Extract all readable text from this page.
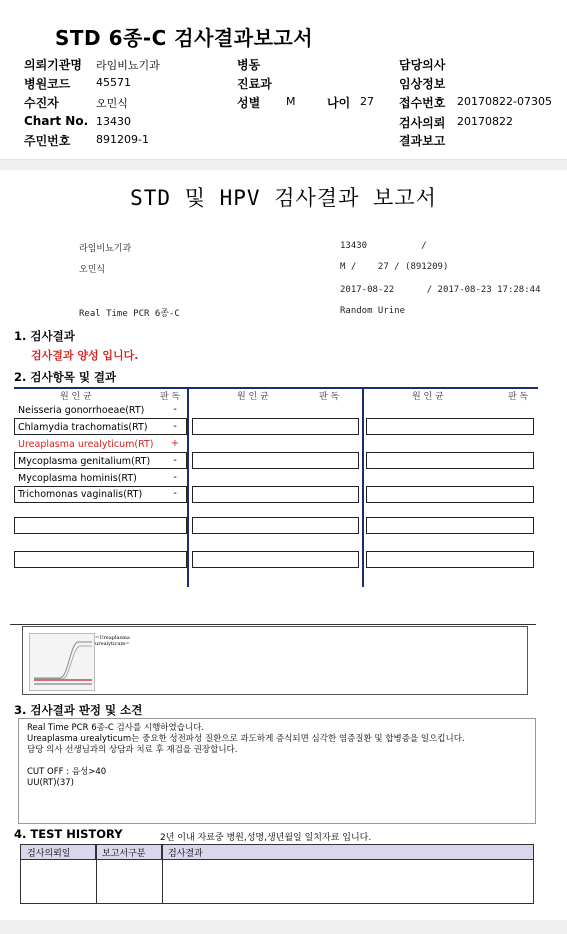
STD 6종-C 검사결과보고서
의뢰기관명 라임비뇨기과
병원코드 45571
수진자	오민식
Chart No. 13430
주민번호 891209-1
병동
진료과
성별 M	나이 27
담당의사
임상정보
접수번호 20170822-07305
검사의뢰 20170822
결과보고
STD 및 HPV 검사결과 보고서
라임비뇨기과	13430          /
오민식	M /    27 / (891209)
2017-08-22      / 2017-08-23 17:28:44
Real Time PCR 6종-C	Random Urine
1. 검사결과
검사결과 양성 입니다.
2. 검사항목 및 결과
원 인 균	판 독	원 인 균	판 독	원 인 균	판 독
Neisseria gonorrhoeae(RT)	-
Chlamydia trachomatis(RT)	-
Ureaplasma urealyticum(RT) +
Mycoplasma genitalium(RT)	-
Mycoplasma hominis(RT)	-
Trichomonas vaginalis(RT)	-
=Ureaplasma urealyticum=
3. 검사결과 판정 및 소견
Real Time PCR 6종-C 검사를 시행하였습니다.
Ureaplasma urealyticum는 중요한 성전파성 질환으로 과도하게 증식되면 심각한 염증질환 및 합병증을 일으킵니다.
담당 의사 선생님과의 상담과 치료 후 재검을 권장합니다.
CUT OFF : 음성>40
UU(RT)(37)
4. TEST HISTORY	2년 이내 자료중 병원,성명,생년월일 일치자료 입니다.
검사의뢰일	보고서구분	검사결과
